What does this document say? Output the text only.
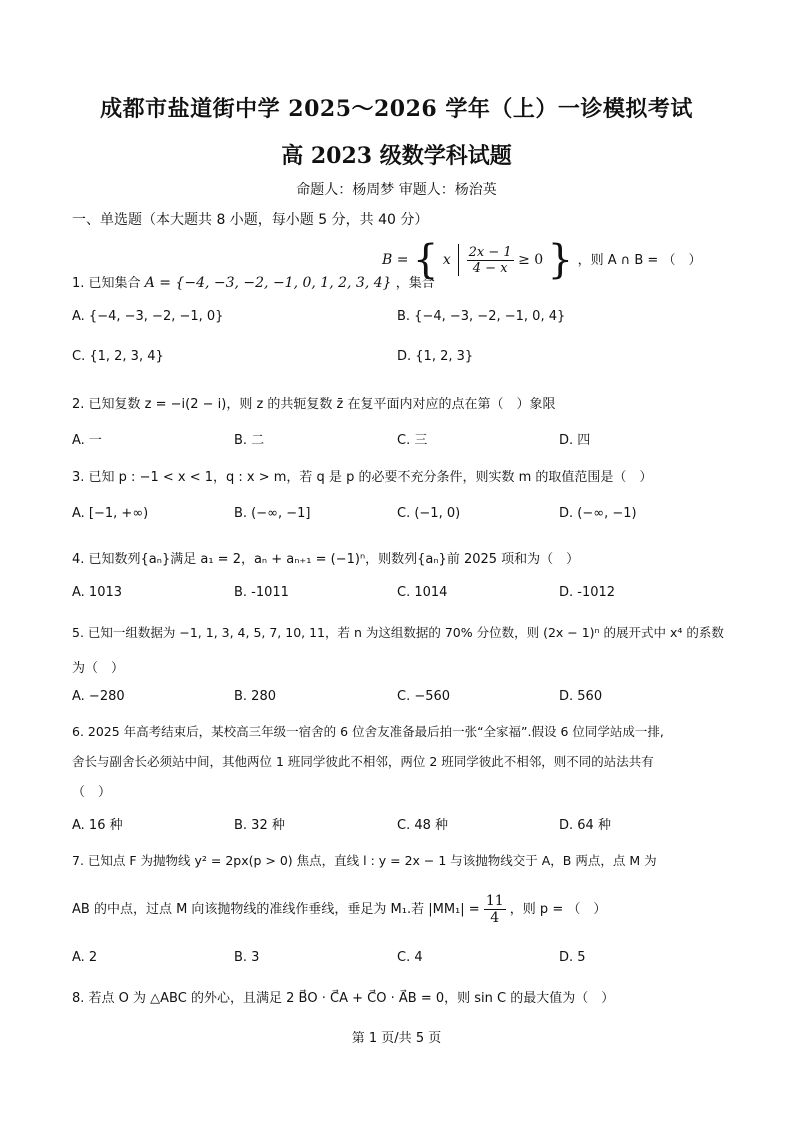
成都市盐道街中学 2025～2026 学年（上）一诊模拟考试
高 2023 级数学科试题
命题人：杨周梦 审题人：杨治英
一、单选题（本大题共 8 小题，每小题 5 分，共 40 分）
1. 已知集合 A = {−4, −3, −2, −1, 0, 1, 2, 3, 4} ，集合
B = { x $\frac{2x - 1}{4 - x} \ge 0$ } ，则 A ∩ B = （　）
A. {−4, −3, −2, −1, 0}	B. {−4, −3, −2, −1, 0, 4}
C. {1, 2, 3, 4}	D. {1, 2, 3}
2. 已知复数 z = −i(2 − i)，则 z 的共轭复数 z̄ 在复平面内对应的点在第（　）象限
A. 一	B. 二	C. 三	D. 四
3. 已知 p : −1 < x < 1，q : x > m，若 q 是 p 的必要不充分条件，则实数 m 的取值范围是（　）
A. [−1, +∞)	B. (−∞, −1]	C. (−1, 0)	D. (−∞, −1)
4. 已知数列{aₙ}满足 a₁ = 2，aₙ + aₙ₊₁ = (−1)ⁿ，则数列{aₙ}前 2025 项和为（　）
A. 1013	B. -1011	C. 1014	D. -1012
5. 已知一组数据为 −1, 1, 3, 4, 5, 7, 10, 11，若 n 为这组数据的 70% 分位数，则 (2x − 1)ⁿ 的展开式中 x⁴ 的系数
为（　）
A. −280	B. 280	C. −560	D. 560
6. 2025 年高考结束后，某校高三年级一宿舍的 6 位舍友准备最后拍一张“全家福”.假设 6 位同学站成一排,
舍长与副舍长必须站中间，其他两位 1 班同学彼此不相邻，两位 2 班同学彼此不相邻，则不同的站法共有
（　）
A. 16 种	B. 32 种	C. 48 种	D. 64 种
7. 已知点 F 为抛物线 y² = 2px(p > 0) 焦点，直线 l : y = 2x − 1 与该抛物线交于 A，B 两点，点 M 为
AB 的中点，过点 M 向该抛物线的准线作垂线，垂足为 M₁.若 $|MM_1| = \frac{11}{4}$ ，则 p = （　）
A. 2	B. 3	C. 4	D. 5
8. 若点 O 为 △ABC 的外心，且满足 2 B⃗O · C⃗A + C⃗O · A⃗B = 0，则 sin C 的最大值为（　）
第 1 页/共 5 页
